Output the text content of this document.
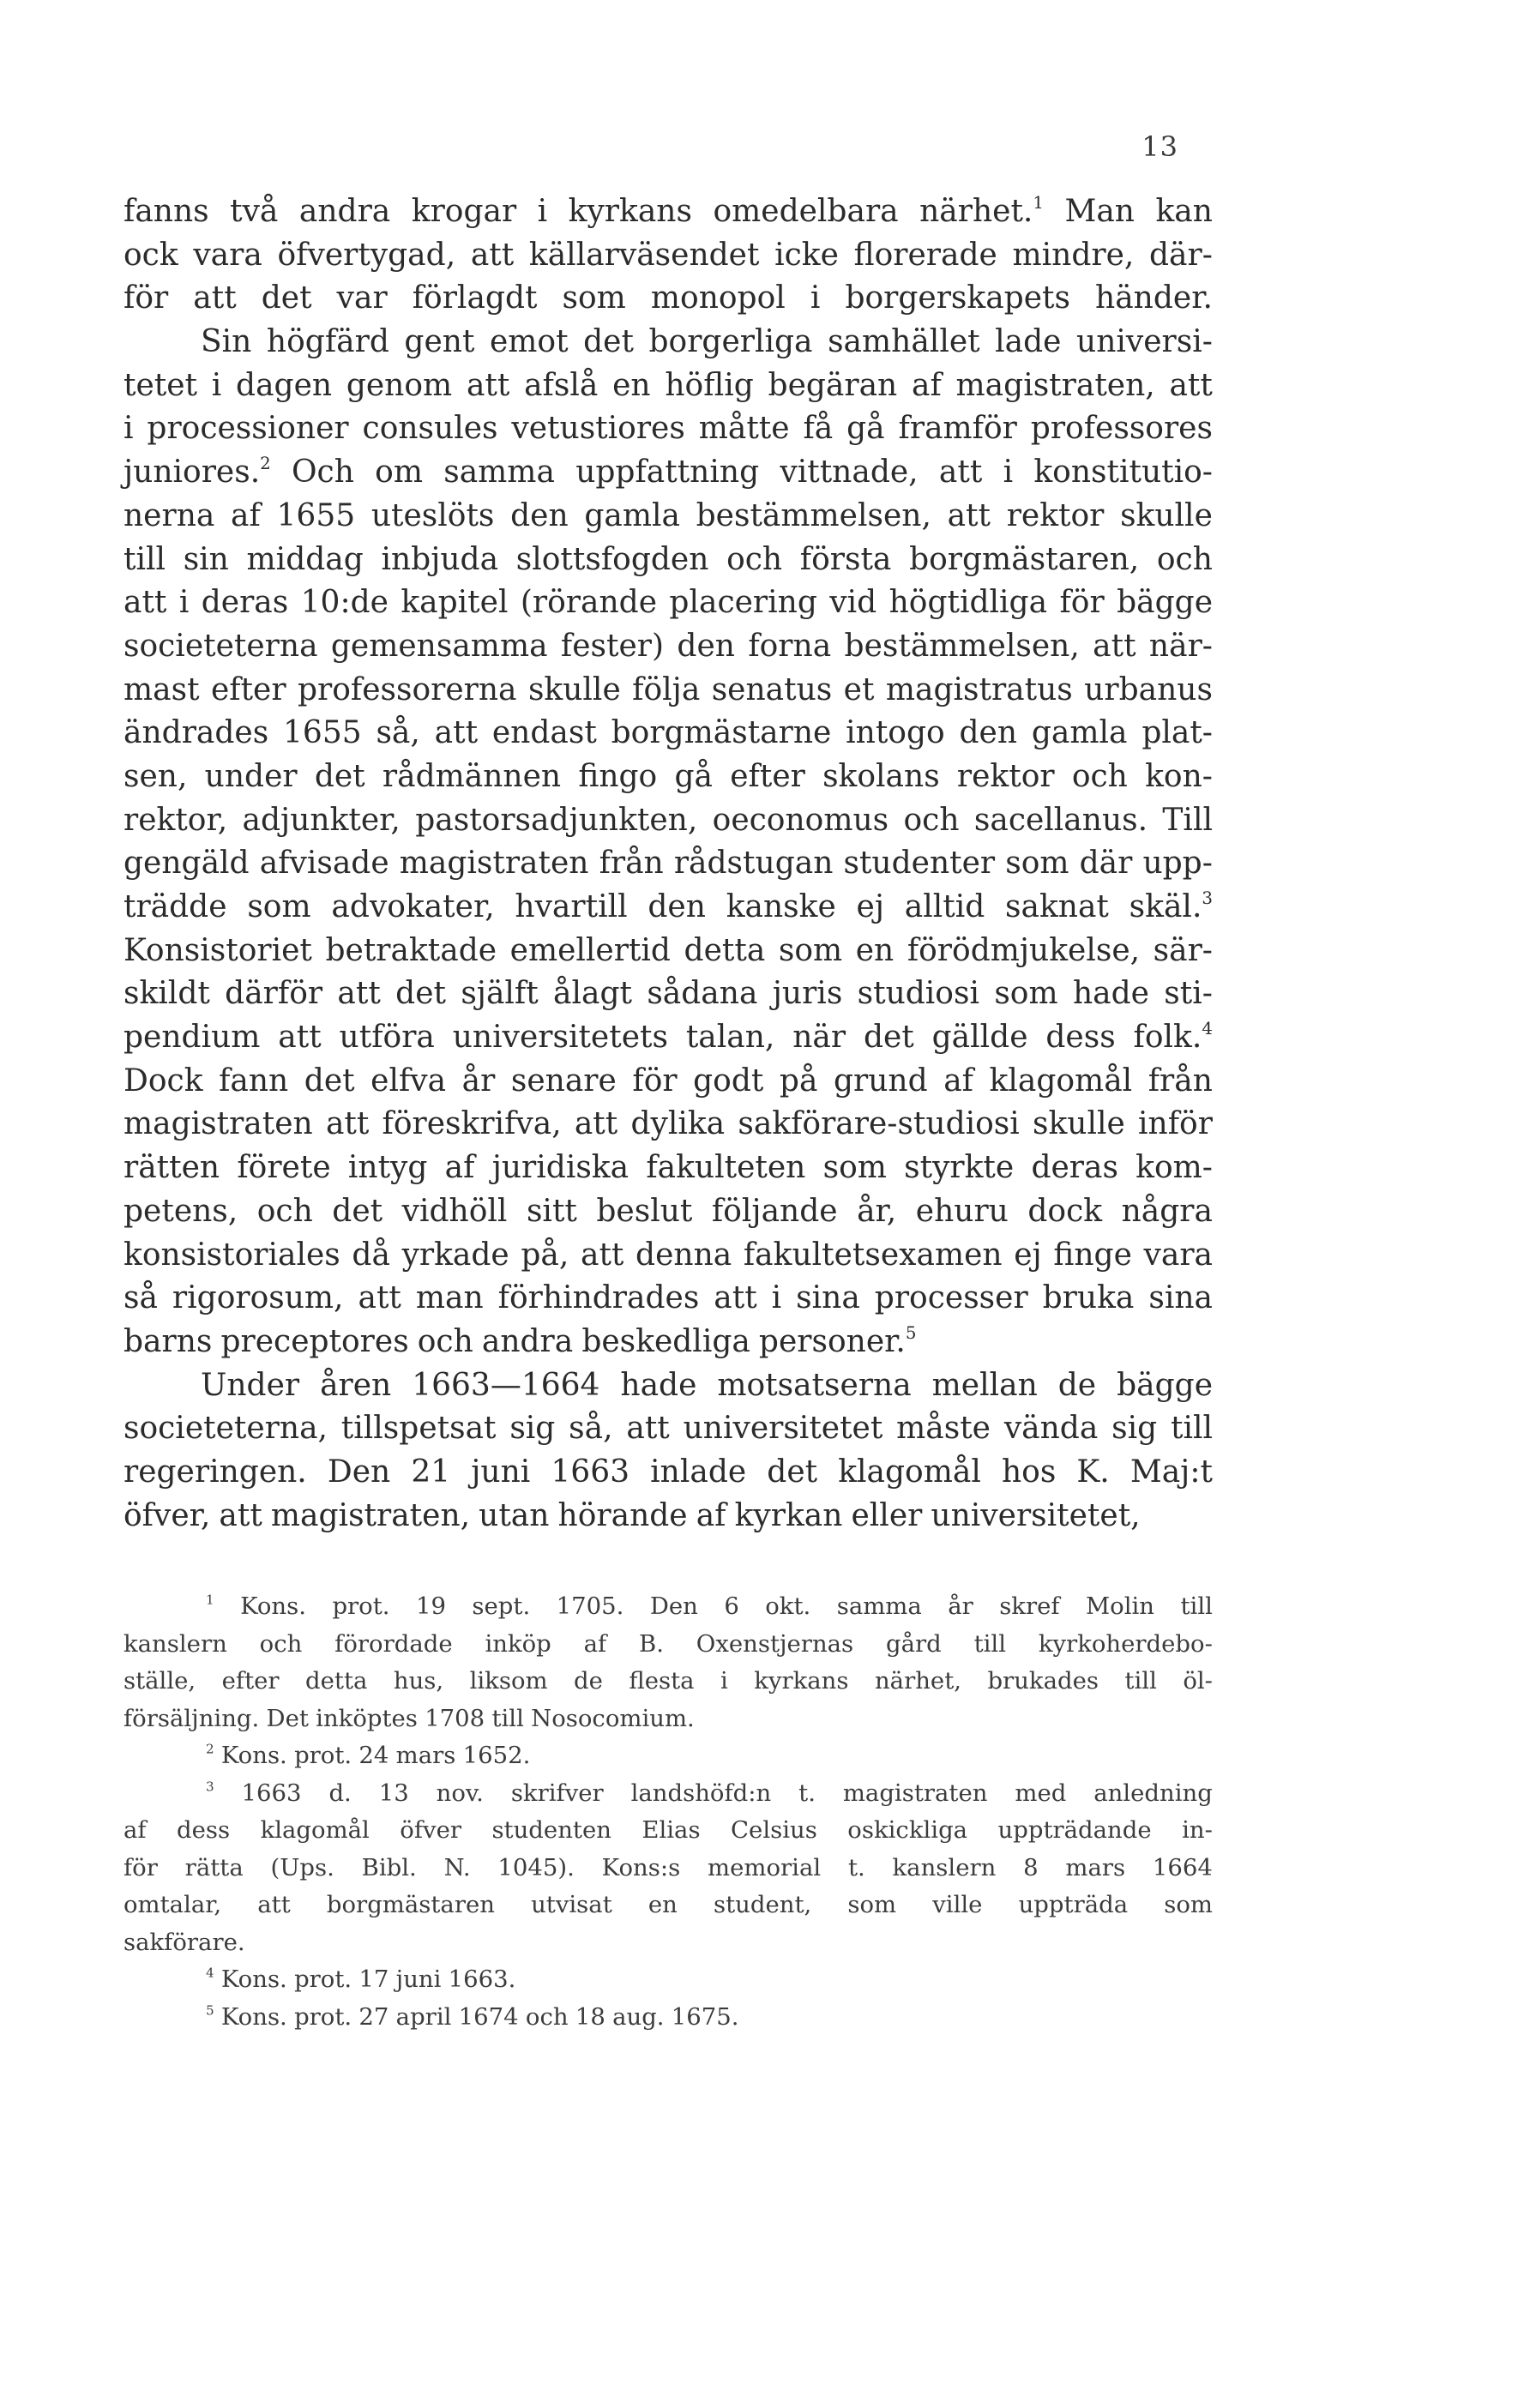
13
fanns två andra krogar i kyrkans omedelbara närhet.$^1$ Man kan
ock vara öfvertygad, att källarväsendet icke florerade mindre, där-
för att det var förlagdt som monopol i borgerskapets händer.
Sin högfärd gent emot det borgerliga samhället lade universi-
tetet i dagen genom att afslå en höflig begäran af magistraten, att
i processioner consules vetustiores måtte få gå framför professores
juniores.$^2$ Och om samma uppfattning vittnade, att i konstitutio-
nerna af 1655 uteslöts den gamla bestämmelsen, att rektor skulle
till sin middag inbjuda slottsfogden och första borgmästaren, och
att i deras 10:de kapitel (rörande placering vid högtidliga för bägge
societeterna gemensamma fester) den forna bestämmelsen, att när-
mast efter professorerna skulle följa senatus et magistratus urbanus
ändrades 1655 så, att endast borgmästarne intogo den gamla plat-
sen, under det rådmännen fingo gå efter skolans rektor och kon-
rektor, adjunkter, pastorsadjunkten, oeconomus och sacellanus. Till
gengäld afvisade magistraten från rådstugan studenter som där upp-
trädde som advokater, hvartill den kanske ej alltid saknat skäl.$^3$
Konsistoriet betraktade emellertid detta som en förödmjukelse, sär-
skildt därför att det själft ålagt sådana juris studiosi som hade sti-
pendium att utföra universitetets talan, när det gällde dess folk.$^4$
Dock fann det elfva år senare för godt på grund af klagomål från
magistraten att föreskrifva, att dylika sakförare-studiosi skulle inför
rätten förete intyg af juridiska fakulteten som styrkte deras kom-
petens, och det vidhöll sitt beslut följande år, ehuru dock några
konsistoriales då yrkade på, att denna fakultetsexamen ej finge vara
så rigorosum, att man förhindrades att i sina processer bruka sina
barns preceptores och andra beskedliga personer.$^5$
Under åren 1663—1664 hade motsatserna mellan de bägge
societeterna, tillspetsat sig så, att universitetet måste vända sig till
regeringen. Den 21 juni 1663 inlade det klagomål hos K. Maj:t
öfver, att magistraten, utan hörande af kyrkan eller universitetet,
$^1$ Kons. prot. 19 sept. 1705. Den 6 okt. samma år skref Molin till
kanslern och förordade inköp af B. Oxenstjernas gård till kyrkoherdebo-
ställe, efter detta hus, liksom de flesta i kyrkans närhet, brukades till öl-
försäljning. Det inköptes 1708 till Nosocomium.
$^2$ Kons. prot. 24 mars 1652.
$^3$ 1663 d. 13 nov. skrifver landshöfd:n t. magistraten med anledning
af dess klagomål öfver studenten Elias Celsius oskickliga uppträdande in-
för rätta (Ups. Bibl. N. 1045). Kons:s memorial t. kanslern 8 mars 1664
omtalar, att borgmästaren utvisat en student, som ville uppträda som
sakförare.
$^4$ Kons. prot. 17 juni 1663.
$^5$ Kons. prot. 27 april 1674 och 18 aug. 1675.
